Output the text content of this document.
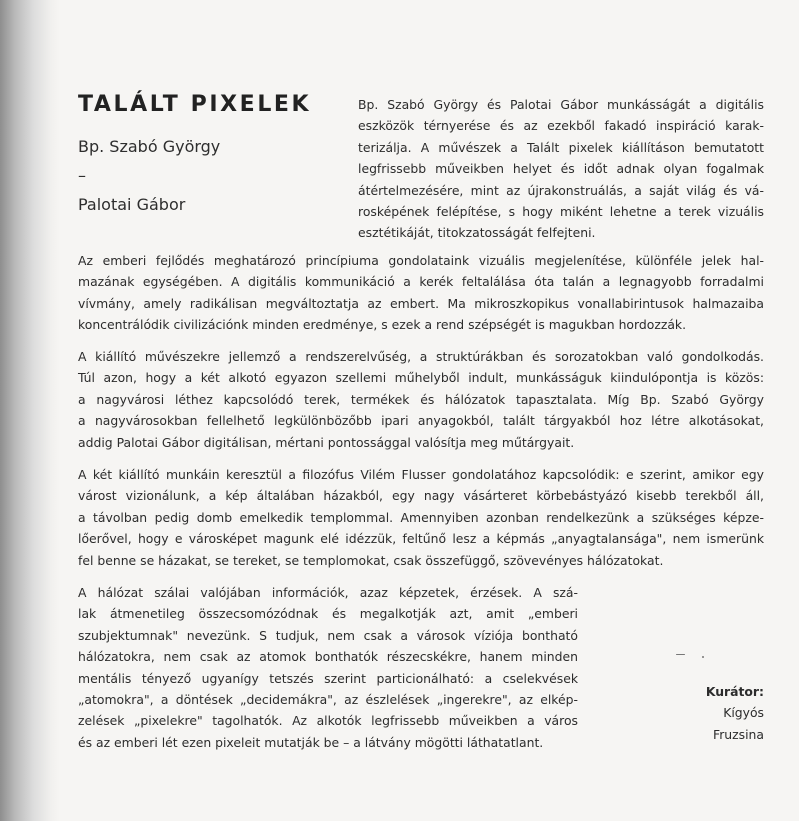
TALÁLT PIXELEK
Bp. Szabó György
–
Palotai Gábor

Bp. Szabó György és Palotai Gábor munkásságát a digitális
eszközök térnyerése és az ezekből fakadó inspiráció karak-
terizálja. A művészek a Talált pixelek kiállításon bemutatott
legfrissebb műveikben helyet és időt adnak olyan fogalmak
átértelmezésére, mint az újrakonstruálás, a saját világ és vá-
rosképének felépítése, s hogy miként lehetne a terek vizuális
esztétikáját, titokzatosságát felfejteni.

Az emberi fejlődés meghatározó princípiuma gondolataink vizuális megjelenítése, különféle jelek hal-
mazának egységében. A digitális kommunikáció a kerék feltalálása óta talán a legnagyobb forradalmi
vívmány, amely radikálisan megváltoztatja az embert. Ma mikroszkopikus vonallabirintusok halmazaiba
koncentrálódik civilizációnk minden eredménye, s ezek a rend szépségét is magukban hordozzák.

A kiállító művészekre jellemző a rendszerelvűség, a struktúrákban és sorozatokban való gondolkodás.
Túl azon, hogy a két alkotó egyazon szellemi műhelyből indult, munkásságuk kiindulópontja is közös:
a nagyvárosi léthez kapcsolódó terek, termékek és hálózatok tapasztalata. Míg Bp. Szabó György
a nagyvárosokban fellelhető legkülönbözőbb ipari anyagokból, talált tárgyakból hoz létre alkotásokat,
addig Palotai Gábor digitálisan, mértani pontossággal valósítja meg műtárgyait.

A két kiállító munkáin keresztül a filozófus Vilém Flusser gondolatához kapcsolódik: e szerint, amikor egy
várost vizionálunk, a kép általában házakból, egy nagy vásárteret körbebástyázó kisebb terekből áll,
a távolban pedig domb emelkedik templommal. Amennyiben azonban rendelkezünk a szükséges képze-
lőerővel, hogy e városképet magunk elé idézzük, feltűnő lesz a képmás „anyagtalansága", nem ismerünk
fel benne se házakat, se tereket, se templomokat, csak összefüggő, szövevényes hálózatokat.

A hálózat szálai valójában információk, azaz képzetek, érzések. A szá-
lak átmenetileg összecsomózódnak és megalkotják azt, amit „emberi
szubjektumnak" nevezünk. S tudjuk, nem csak a városok víziója bontható
hálózatokra, nem csak az atomok bonthatók részecskékre, hanem minden
mentális tényező ugyanígy tetszés szerint particionálható: a cselekvések
„atomokra", a döntések „decidemákra", az észlelések „ingerekre", az elkép-
zelések „pixelekre" tagolhatók. Az alkotók legfrissebb műveikben a város
és az emberi lét ezen pixeleit mutatják be – a látvány mögötti láthatatlant.

Kurátor:
Kígyós
Fruzsina
